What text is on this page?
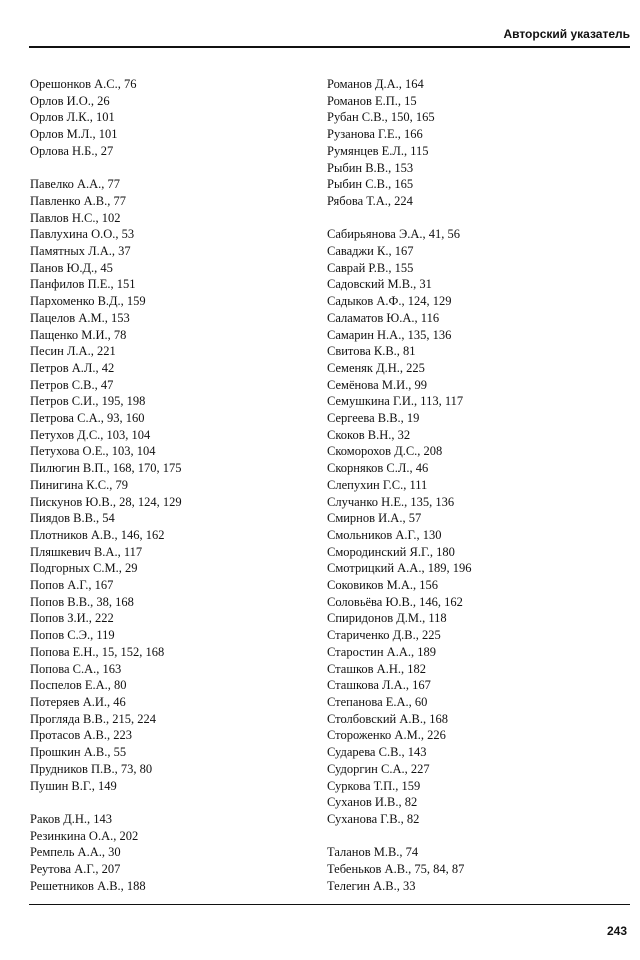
Авторский указатель
Орешонков А.С., 76
Орлов И.О., 26
Орлов Л.К., 101
Орлов М.Л., 101
Орлова Н.Б., 27
Павелко А.А., 77
Павленко А.В., 77
Павлов Н.С., 102
Павлухина О.О., 53
Памятных Л.А., 37
Панов Ю.Д., 45
Панфилов П.Е., 151
Пархоменко В.Д., 159
Пацелов А.М., 153
Пащенко М.И., 78
Песин Л.А., 221
Петров А.Л., 42
Петров С.В., 47
Петров С.И., 195, 198
Петрова С.А., 93, 160
Петухов Д.С., 103, 104
Петухова О.Е., 103, 104
Пилюгин В.П., 168, 170, 175
Пинигина К.С., 79
Пискунов Ю.В., 28, 124, 129
Пиядов В.В., 54
Плотников А.В., 146, 162
Пляшкевич В.А., 117
Подгорных С.М., 29
Попов А.Г., 167
Попов В.В., 38, 168
Попов З.И., 222
Попов С.Э., 119
Попова Е.Н., 15, 152, 168
Попова С.А., 163
Поспелов Е.А., 80
Потеряев А.И., 46
Прогляда В.В., 215, 224
Протасов А.В., 223
Прошкин А.В., 55
Прудников П.В., 73, 80
Пушин В.Г., 149
Раков Д.Н., 143
Резинкина О.А., 202
Ремпель А.А., 30
Реутова А.Г., 207
Решетников А.В., 188
Романов Д.А., 164
Романов Е.П., 15
Рубан С.В., 150, 165
Рузанова Г.Е., 166
Румянцев Е.Л., 115
Рыбин В.В., 153
Рыбин С.В., 165
Рябова Т.А., 224
Сабирьянова Э.А., 41, 56
Саваджи К., 167
Саврай Р.В., 155
Садовский М.В., 31
Садыков А.Ф., 124, 129
Саламатов Ю.А., 116
Самарин Н.А., 135, 136
Свитова К.В., 81
Семеняк Д.Н., 225
Семёнова М.И., 99
Семушкина Г.И., 113, 117
Сергеева В.В., 19
Скоков В.Н., 32
Скоморохов Д.С., 208
Скорняков С.Л., 46
Слепухин Г.С., 111
Случанко Н.Е., 135, 136
Смирнов И.А., 57
Смольников А.Г., 130
Смородинский Я.Г., 180
Смотрицкий А.А., 189, 196
Соковиков М.А., 156
Соловьёва Ю.В., 146, 162
Спиридонов Д.М., 118
Стариченко Д.В., 225
Старостин А.А., 189
Сташков А.Н., 182
Сташкова Л.А., 167
Степанова Е.А., 60
Столбовский А.В., 168
Стороженко А.М., 226
Сударева С.В., 143
Судоргин С.А., 227
Суркова Т.П., 159
Суханов И.В., 82
Суханова Г.В., 82
Таланов М.В., 74
Тебеньков А.В., 75, 84, 87
Телегин А.В., 33
243
